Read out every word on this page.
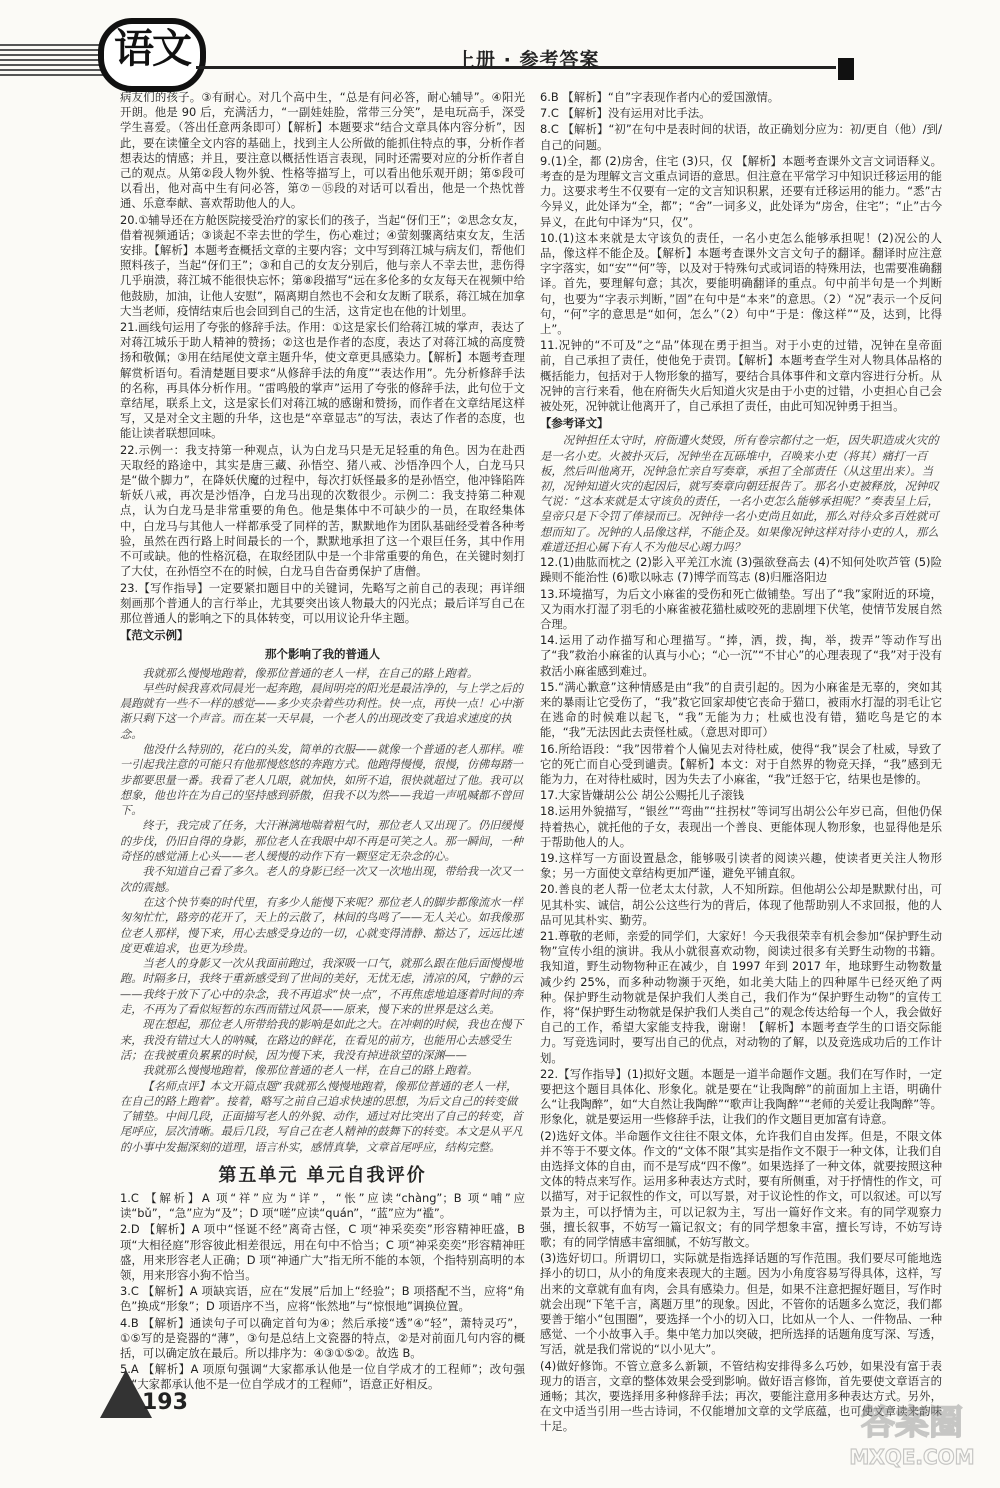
语文	上册 · 参考答案
病友们的孩子。③有耐心。对几个高中生，“总是有问必答，耐心辅导”。④阳光开朗。他是 90 后，充满活力，“一副娃娃脸，常带三分笑”，是电玩高手，深受学生喜爱。（答出任意两条即可）【解析】本题要求“结合文章具体内容分析”，因此，要在读懂全文内容的基础上，找到主人公所做的能抓住特点的事，分析作者想表达的情感；并且，要注意以概括性语言表现，同时还需要对应的分析作者自己的观点。从第②段人物外貌、性格等描写上，可以看出他乐观开朗；第⑤段可以看出，他对高中生有问必答，第⑦－⑮段的对话可以看出，他是一个热忱普通、乐意奉献、喜欢帮助他人的人。
20.①辅导还在方舱医院接受治疗的家长们的孩子，当起“伢们王”；②思念女友，借着视频通话；③谈起不幸去世的学生，伤心难过；④萤刻骤离结束女友，生活安排。【解析】本题考查概括文章的主要内容；文中写到蒋江城与病友们，帮他们照料孩子，当起“伢们王”；③和自己的女友分别后，他与亲人不幸去世，悲伤得几乎崩溃，蒋江城不能很快忘怀；第⑧段描写“远在多伦多的女友每天在视频中给他鼓励，加油，让他人安慰”，隔离期自然也不会和女友断了联系，蒋江城在加拿大当老师，疫情结束后也会回到自己的生活，这肯定也在他的计划里。
21.画线句运用了夸张的修辞手法。作用：①这是家长们给蒋江城的掌声，表达了对蒋江城乐于助人精神的赞扬；②这也是作者的态度，表达了对蒋江城的高度赞扬和敬佩；③用在结尾使文章主题升华，使文章更具感染力。【解析】本题考查理解赏析语句。看清楚题目要求“从修辞手法的角度”“表达作用”。先分析修辞手法的名称，再具体分析作用。“雷鸣般的掌声”运用了夸张的修辞手法，此句位于文章结尾，联系上文，这是家长们对蒋江城的感谢和赞扬，而作者在文章结尾这样写，又是对全文主题的升华，这也是“卒章显志”的写法，表达了作者的态度，也能让读者联想回味。
22.示例一：我支持第一种观点，认为白龙马只是无足轻重的角色。因为在赴西天取经的路途中，其实是唐三藏、孙悟空、猪八戒、沙悟净四个人，白龙马只是“做个脚力”，在降妖伏魔的过程中，每次打妖怪最多的是孙悟空，他冲锋陷阵斩妖八戒，再次是沙悟净，白龙马出现的次数很少。示例二：我支持第二种观点，认为白龙马是非常重要的角色。他是集体中不可缺少的一员，在取经集体中，白龙马与其他人一样都承受了同样的苦，默默地作为团队基础经受着各种考验，虽然在西行路上时间最长的一个，默默地承担了这一个艰巨任务，其中作用不可或缺。他的性格沉稳，在取经团队中是一个非常重要的角色，在关键时刻打了大仗，在孙悟空不在的时候，白龙马自告奋勇保护了唐僧。
23.【写作指导】一定要紧扣题目中的关键词，先略写之前自己的表现；再详细刻画那个普通人的言行举止，尤其要突出该人物最大的闪光点；最后详写自己在那位普通人的影响之下的具体转变，可以用议论升华主题。
【范文示例】
那个影响了我的普通人

我就那么慢慢地跑着，像那位普通的老人一样，在自己的路上跑着。

早些时候我喜欢同晨光一起奔跑，晨间明亮的阳光是最洁净的，与上学之后的晨跑就有一些不一样的感觉——多少夹杂着些功利性。快一点，再快一点！心中渐渐只剩下这一个声音。而在某一天早晨，一个老人的出现改变了我追求速度的执念。

他没什么特别的，花白的头发，简单的衣服——就像一个普通的老人那样。唯一引起我注意的可能只有他那慢悠悠的奔跑方式。他跑得慢慢，很慢，仿佛每踏一步都要思量一番。我看了老人几眼，就加快，如所不追，很快就超过了他。我可以想象，他也许在为自己的坚持感到骄傲，但我不以为然——我追一声吼喊都不曾回下。

终于，我完成了任务，大汗淋漓地喘着粗气时，那位老人又出现了。仍旧缓慢的步伐，仍旧自得的身影，那位老人在我眼中却不再是可笑之人。那一瞬间，一种奇怪的感觉涌上心头——老人缓慢的动作下有一颗坚定无杂念的心。

我不知道自己看了多久。老人的身影已经一次又一次地出现，带给我一次又一次的震撼。

在这个快节奏的时代里，有多少人能慢下来呢？那位老人的脚步都像流水一样匆匆忙忙，路旁的花开了，天上的云散了，林间的鸟鸣了——无人关心。如我像那位老人那样，慢下来，用心去感受身边的一切，心就变得清静、豁达了，远远比速度更难追求，也更为珍贵。

当老人的身影又一次从我面前跑过，我深吸一口气，就那么跟在他后面慢慢地跑。时隔多日，我终于重新感受到了世间的美好，无忧无虑，清凉的风，宁静的云——我终于放下了心中的杂念，我不再追求“快一点”，不再焦虑地追逐着时间的奔走，不再为了看似短暂的东西而错过风景——原来，慢下来的世界是这么美。

现在想起，那位老人所带给我的影响是如此之大。在冲刺的时候，我也在慢下来，我没有错过大人的呐喊，在路边的鲜花，在看见的前方，也能用心去感受生活；在我被重负累累的时候，因为慢下来，我没有掉进欲望的深渊——

我就那么慢慢地跑着，像那位普通的老人一样，在自己的路上跑着。

【名师点评】本文开篇点题“我就那么慢慢地跑着，像那位普通的老人一样，在自己的路上跑着”。接着，略写之前自己追求快速的思想，为后文自己的转变做了铺垫。中间几段，正面描写老人的外貌、动作，通过对比突出了自己的转变，首尾呼应，层次清晰。最后几段，写自己在老人精神的鼓舞下的转变。本文是从平凡的小事中发掘深刻的道理，语言朴实，感情真挚，文章首尾呼应，结构完整。

第五单元 单元自我评价
1.C 【解析】A 项“祥”应为“详”，“怅”应读“chàng”；B 项“哺”应读“bǔ”，“急”应为“及”；D 项“嗟”应读“quán”，“蓝”应为“褴”。
2.D 【解析】A 项中“怪诞不经”离奇古怪，C 项“神采奕奕”形容精神旺盛，B 项“大相径庭”形容彼此相差很远，用在句中不恰当；C 项“神采奕奕”形容精神旺盛，用来形容老人正确；D 项“神通广大”指无所不能的本领，个指特别高明的本领，用来形容小狗不恰当。
3.C 【解析】A 项缺宾语，应在“发展”后加上“经验”；B 项搭配不当，应将“角色”换成“形象”；D 项语序不当，应将“怅然地”与“惊恨地”调换位置。
4.B 【解析】通读句子可以确定首句为④；然后承接“透”④“轻”，萧特灵巧”，①⑤写的是瓷器的“薄”，③句是总结上文瓷器的特点，②是对前面几句内容的概括，可以确定放在最后。所以排序为：④③①⑤②。故选 B。
5.A 【解析】A 项原句强调“大家都承认他是一位自学成才的工程师”；改句强调“大家都承认他不是一位自学成才的工程师”，语意正好相反。
6.B 【解析】“自”字表现作者内心的爱国激情。
7.C 【解析】没有运用对比手法。
8.C 【解析】“初”在句中是表时间的状语，故正确划分应为：初/更自（他）/到/自己的问题。
9.(1)全，都 (2)房舍，住宅 (3)只，仅 【解析】本题考查课外文言文词语释义。考查的是为理解文言文重点词语的意思。但注意在平常学习中知识迁移运用的能力。这要求考生不仅要有一定的文言知识积累，还要有迁移运用的能力。“悉”古今异义，此处译为“全，都”；“舍”一词多义，此处译为“房舍，住宅”；“止”古今异义，在此句中译为“只，仅”。
10.(1)这本来就是太守该负的责任，一名小吏怎么能够承担呢！(2)况公的人品，像这样不能企及。【解析】本题考查课外文言文句子的翻译。翻译时应注意字字落实，如“安”“何”等，以及对于特殊句式或词语的特殊用法，也需要准确翻译。首先，要理解句意；其次，要能明确翻译的重点。句中前半句是一个判断句，也要为“字表示判断，”固”在句中是“本来”的意思。（2）“况”表示一个反问句，“何”字的意思是“如何，怎么”（2）句中“于是：像这样”“及，达到，比得上”。
11.况钟的“不可及”之“品”体现在勇于担当。对于小吏的过错，况钟在皇帝面前，自己承担了责任，使他免于责罚。【解析】本题考查学生对人物具体品格的概括能力，包括对于人物形象的描写，要结合具体事件和文章内容进行分析。从况钟的言行来看，他在府衙失火后知道火灾是由于小吏的过错，小吏担心自己会被处死，况钟就让他离开了，自己承担了责任，由此可知况钟勇于担当。
【参考译文】

况钟担任太守时，府衙遭火焚毁，所有卷宗都付之一炬，因失职造成火灾的是一名小吏。火被扑灭后，况钟坐在瓦砾堆中，召唤来小吏（将其）痛打一百板，然后叫他离开，况钟急忙亲自写奏章，承担了全部责任（从这里出来）。当初，况钟知道火灾的起因后，就写奏章向朝廷报告了。那名小吏被释放，况钟叹气说：“这本来就是太守该负的责任，一名小吏怎么能够承担呢？”奏表呈上后，皇帝只是下令罚了俸禄而已。况钟待一名小吏尚且如此，那么对待众多百姓就可想而知了。况钟的人品像这样，不能企及。如果像况钟这样对待小吏的人，那么难道还担心属下有人不为他尽心竭力吗？

12.(1)曲肱而枕之 (2)影入平羌江水流 (3)强欲登高去 (4)不知何处吹芦管 (5)险躁则不能治性 (6)歌以咏志 (7)博学而笃志 (8)归雁洛阳边
13.环境描写，为后文小麻雀的受伤和死亡做铺垫。写出了“我”家附近的环境，又为雨水打湿了羽毛的小麻雀被花猫杜威咬死的悲剧埋下伏笔，使情节发展自然合理。
14.运用了动作描写和心理描写。“捧，洒，拨，掏，举，拨弄”等动作写出了“我”救治小麻雀的认真与小心；“心一沉”“不甘心”的心理表现了“我”对于没有救活小麻雀感到难过。
15.“满心歉意”这种情感是由“我”的自责引起的。因为小麻雀是无辜的，突如其来的暴雨让它受伤了，“我”救它回家却使它丧命于猫口，被雨水打湿的羽毛让它在逃命的时候难以起飞，“我”无能为力；杜威也没有错，猫吃鸟是它的本能，“我”无法因此去责怪杜威。（意思对即可）
16.所给语段：“我”因带着个人偏见去对待杜威，使得“我”误会了杜威，导致了它的死亡而自心受到谴责。【解析】本文：对于自然界的物竞天择，“我”感到无能为力，在对待杜威时，因为失去了小麻雀，“我”迁怒于它，结果也是惨的。
17.大家皆嫌胡公公 胡公公赐托儿子滚钱
18.运用外貌描写，“银丝”“弯曲”“拄拐杖”等词写出胡公公年岁已高，但他仍保持着热心，就托他的子女，表现出一个善良、更能体现人物形象，也显得他是乐于帮助他人的人。
19.这样写一方面设置悬念，能够吸引读者的阅读兴趣，使读者更关注人物形象；另一方面使文章结构更加严谨，避免平铺直叙。
20.善良的老人帮一位老太太付款，人不知所踪。但他胡公公却是默默付出，可见其朴实、诚信，胡公公这些行为的背后，体现了他帮助别人不求回报，他的人品可见其朴实、勤劳。
21.尊敬的老师，亲爱的同学们，大家好！今天我很荣幸有机会参加“保护野生动物”宣传小组的演讲。我从小就很喜欢动物，阅读过很多有关野生动物的书籍。我知道，野生动物物种正在减少，自 1997 年到 2017 年，地球野生动物数量减少约 25%，而多种动物濒于灭绝，如北美大陆上的四种犀牛已经灭绝了两种。保护野生动物就是保护我们人类自己，我们作为“保护野生动物”的宣传工作，将“保护野生动物就是保护我们人类自己”的观念传达给每一个人，我会做好自己的工作，希望大家能支持我，谢谢！【解析】本题考查学生的口语交际能力。写竞选词时，要写出自己的优点，对动物的了解，以及竞选成功后的工作计划。
22.【写作指导】(1)拟好文题。本题是一道半命题作文题。我们在写作时，一定要把这个题目具体化、形象化。就是要在“让我陶醉”的前面加上主语，明确什么“让我陶醉”，如“大自然让我陶醉”“歌声让我陶醉”“老师的关爱让我陶醉”等。形象化，就是要运用一些修辞手法，让我们的作文题目更加富有诗意。
(2)选好文体。半命题作文往往不限文体，允许我们自由发挥。但是，不限文体并不等于不要文体。作文的“文体不限”其实是指作文不限于一种文体，让我们自由选择文体的自由，而不是写成“四不像”。如果选择了一种文体，就要按照这种文体的特点来写作。运用多种表达方式时，要有所侧重，对于抒情性的作文，可以描写，对于记叙性的作文，可以写景，对于议论性的作文，可以叙述。可以写景为主，可以抒情为主，可以记叙为主，写出一篇好作文来。有的同学观察力强，擅长叙事，不妨写一篇记叙文；有的同学想象丰富，擅长写诗，不妨写诗歌；有的同学情感丰富细腻，不妨写散文。
(3)选好切口。所谓切口，实际就是指选择话题的写作范围。我们要尽可能地选择小的切口，从小的角度来表现大的主题。因为小角度容易写得具体，这样，写出来的文章就有血有肉，会具有感染力。但是，如果不注意把握好题目，写作时就会出现“下笔千言，离题万里”的现象。因此，不管你的话题多么宽泛，我们都要善于缩小“包围圈”，要选择一个小的切入口，比如从一个人、一件物品、一种感觉、一个小故事入手。集中笔力加以突破，把所选择的话题角度写深、写透，写活，就是我们常说的“以小见大”。
(4)做好修饰。不管立意多么新颖，不管结构安排得多么巧妙，如果没有富于表现力的语言，文章的整体效果会受到影响。做好语言修饰，首先要使文章语言的通畅；其次，要选择用多种修辞手法；再次，要能注意用多种表达方式。另外，在文中适当引用一些古诗词，不仅能增加文章的文学底蕴，也可使文章读来韵味十足。
193
答案圈
MXQE.COM
